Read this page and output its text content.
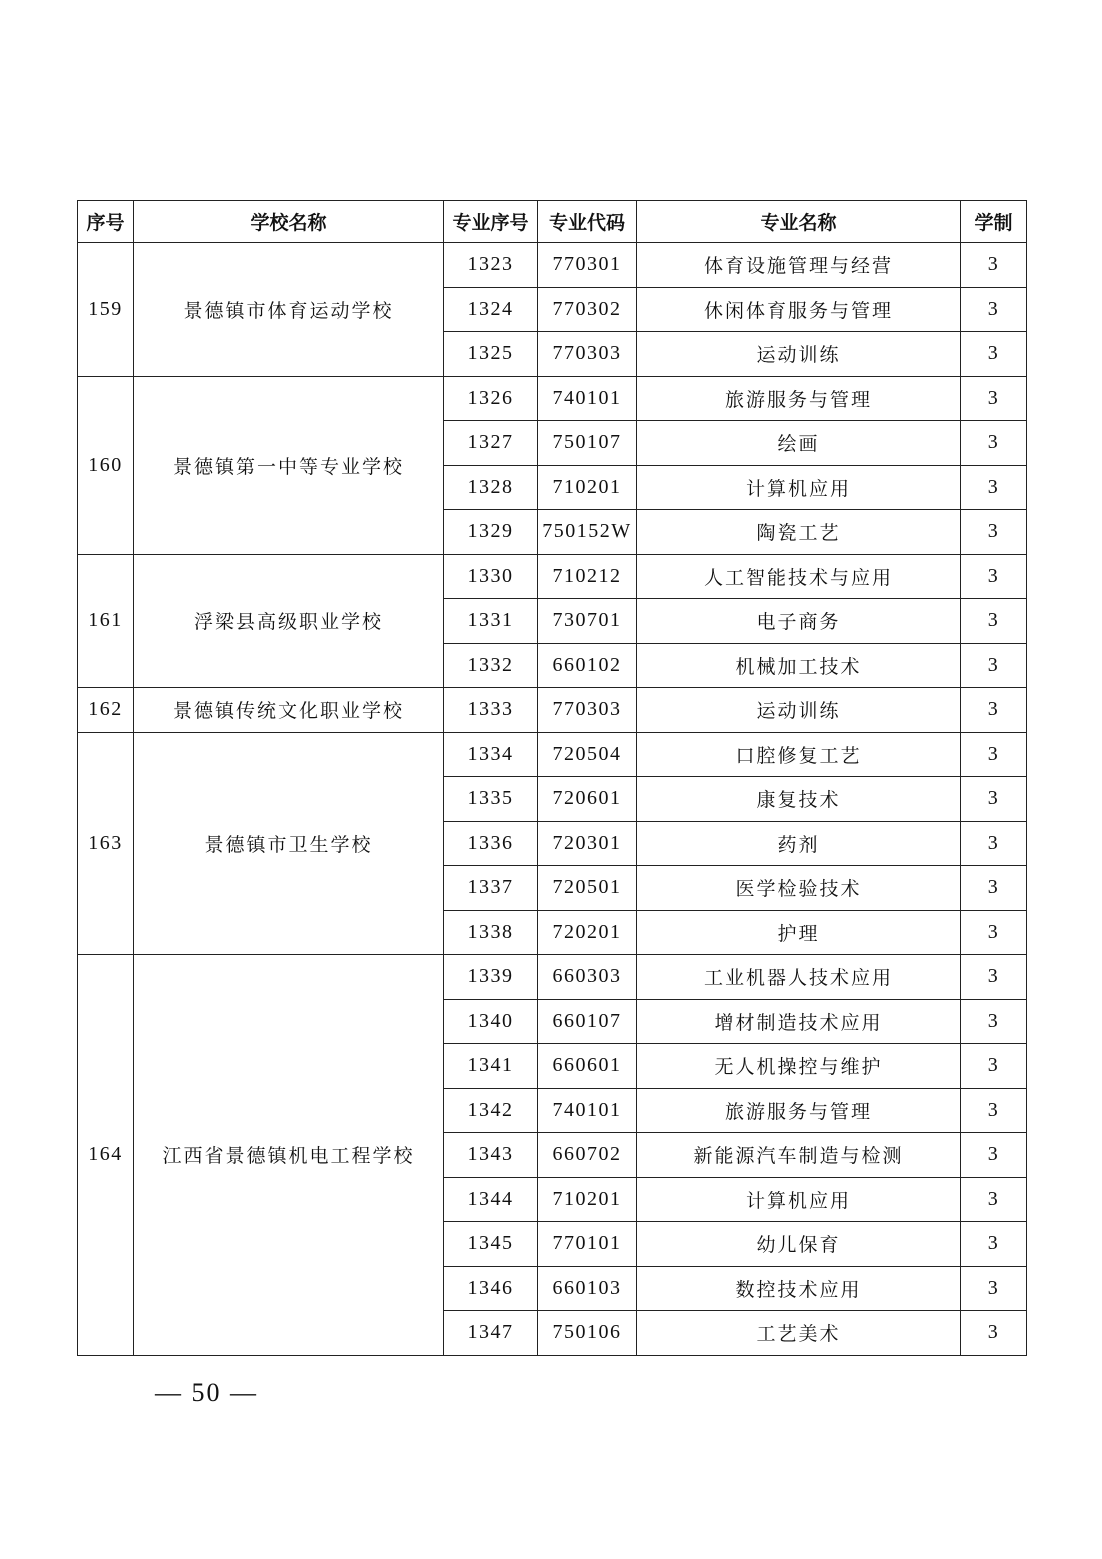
序号	学校名称	专业序号	专业代码	专业名称	学制
159	景德镇市体育运动学校	1323	770301	体育设施管理与经营	3
		1324	770302	休闲体育服务与管理	3
		1325	770303	运动训练	3
160	景德镇第一中等专业学校	1326	740101	旅游服务与管理	3
		1327	750107	绘画	3
		1328	710201	计算机应用	3
		1329	750152W	陶瓷工艺	3
161	浮梁县高级职业学校	1330	710212	人工智能技术与应用	3
		1331	730701	电子商务	3
		1332	660102	机械加工技术	3
162	景德镇传统文化职业学校	1333	770303	运动训练	3
163	景德镇市卫生学校	1334	720504	口腔修复工艺	3
		1335	720601	康复技术	3
		1336	720301	药剂	3
		1337	720501	医学检验技术	3
		1338	720201	护理	3
164	江西省景德镇机电工程学校	1339	660303	工业机器人技术应用	3
		1340	660107	增材制造技术应用	3
		1341	660601	无人机操控与维护	3
		1342	740101	旅游服务与管理	3
		1343	660702	新能源汽车制造与检测	3
		1344	710201	计算机应用	3
		1345	770101	幼儿保育	3
		1346	660103	数控技术应用	3
		1347	750106	工艺美术	3
— 50 —
